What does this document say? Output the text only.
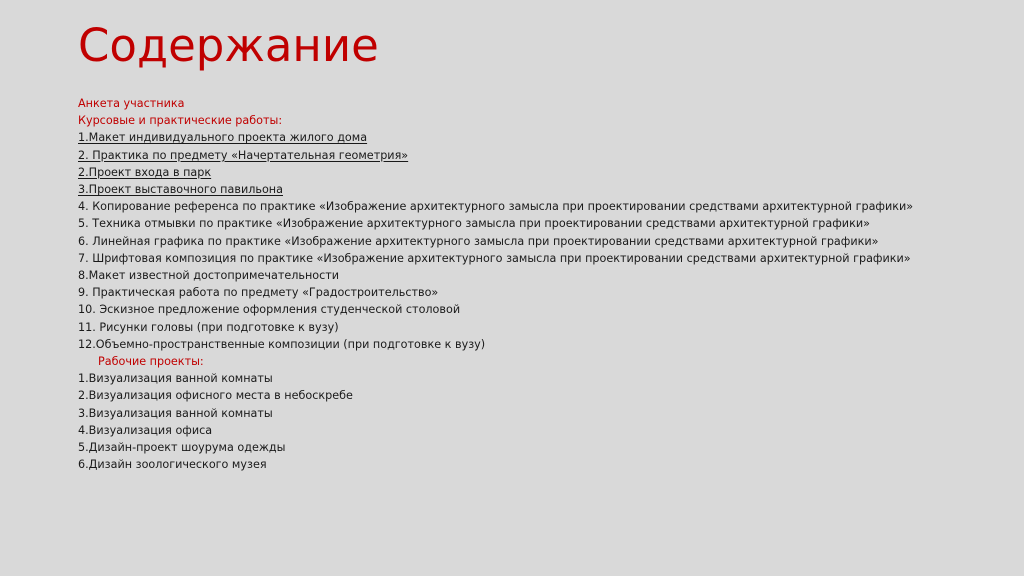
Содержание
Анкета участника
Курсовые и практические работы:
1.Макет индивидуального проекта жилого дома
2. Практика по предмету «Начертательная геометрия»
2.Проект входа в парк
3.Проект выставочного павильона
4. Копирование референса по практике «Изображение архитектурного замысла при проектировании средствами архитектурной графики»
5. Техника отмывки по практике «Изображение архитектурного замысла при проектировании средствами архитектурной графики»
6. Линейная графика по практике «Изображение архитектурного замысла при проектировании средствами архитектурной графики»
7. Шрифтовая композиция по практике «Изображение архитектурного замысла при проектировании средствами архитектурной графики»
8.Макет известной достопримечательности
9. Практическая работа по предмету «Градостроительство»
10. Эскизное предложение оформления студенческой столовой
11. Рисунки головы (при подготовке к вузу)
12.Объемно-пространственные композиции (при подготовке к вузу)
Рабочие проекты:
1.Визуализация ванной комнаты
2.Визуализация офисного места в небоскребе
3.Визуализация ванной комнаты
4.Визуализация офиса
5.Дизайн-проект шоурума одежды
6.Дизайн зоологического музея
